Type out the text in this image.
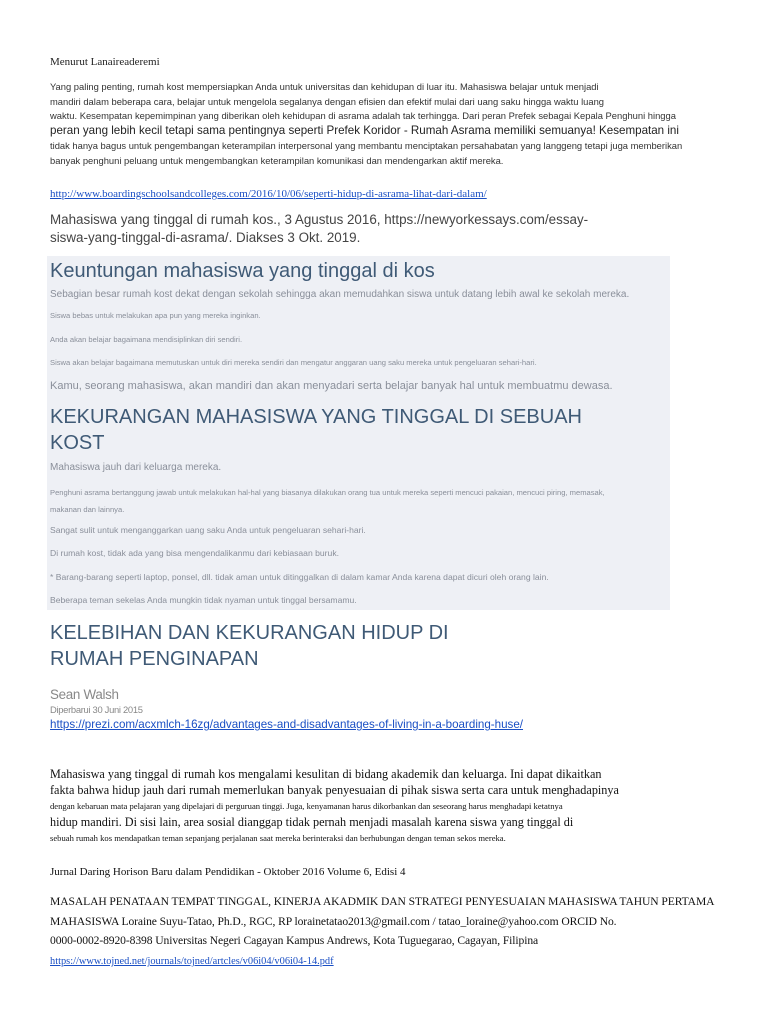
Menurut Lanaireaderemi
Yang paling penting, rumah kost mempersiapkan Anda untuk universitas dan kehidupan di luar itu. Mahasiswa belajar untuk menjadi
mandiri dalam beberapa cara, belajar untuk mengelola segalanya dengan efisien dan efektif mulai dari uang saku hingga waktu luang
waktu. Kesempatan kepemimpinan yang diberikan oleh kehidupan di asrama adalah tak terhingga. Dari peran Prefek sebagai Kepala Penghuni hingga
peran yang lebih kecil tetapi sama pentingnya seperti Prefek Koridor - Rumah Asrama memiliki semuanya! Kesempatan ini
tidak hanya bagus untuk pengembangan keterampilan interpersonal yang membantu menciptakan persahabatan yang langgeng tetapi juga memberikan
banyak penghuni peluang untuk mengembangkan keterampilan komunikasi dan mendengarkan aktif mereka.
http://www.boardingschoolsandcolleges.com/2016/10/06/seperti-hidup-di-asrama-lihat-dari-dalam/
Mahasiswa yang tinggal di rumah kos., 3 Agustus 2016, https://newyorkessays.com/essay-
siswa-yang-tinggal-di-asrama/. Diakses 3 Okt. 2019.
Keuntungan mahasiswa yang tinggal di kos
Sebagian besar rumah kost dekat dengan sekolah sehingga akan memudahkan siswa untuk datang lebih awal ke sekolah mereka.
Siswa bebas untuk melakukan apa pun yang mereka inginkan.
Anda akan belajar bagaimana mendisiplinkan diri sendiri.
Siswa akan belajar bagaimana memutuskan untuk diri mereka sendiri dan mengatur anggaran uang saku mereka untuk pengeluaran sehari-hari.
Kamu, seorang mahasiswa, akan mandiri dan akan menyadari serta belajar banyak hal untuk membuatmu dewasa.
KEKURANGAN MAHASISWA YANG TINGGAL DI SEBUAH
KOST
Mahasiswa jauh dari keluarga mereka.
Penghuni asrama bertanggung jawab untuk melakukan hal-hal yang biasanya dilakukan orang tua untuk mereka seperti mencuci pakaian, mencuci piring, memasak,
makanan dan lainnya.
Sangat sulit untuk menganggarkan uang saku Anda untuk pengeluaran sehari-hari.
Di rumah kost, tidak ada yang bisa mengendalikanmu dari kebiasaan buruk.
* Barang-barang seperti laptop, ponsel, dll. tidak aman untuk ditinggalkan di dalam kamar Anda karena dapat dicuri oleh orang lain.
Beberapa teman sekelas Anda mungkin tidak nyaman untuk tinggal bersamamu.
KELEBIHAN DAN KEKURANGAN HIDUP DI
RUMAH PENGINAPAN
Sean Walsh
Diperbarui 30 Juni 2015
https://prezi.com/acxmlch-16zg/advantages-and-disadvantages-of-living-in-a-boarding-huse/
Mahasiswa yang tinggal di rumah kos mengalami kesulitan di bidang akademik dan keluarga. Ini dapat dikaitkan
fakta bahwa hidup jauh dari rumah memerlukan banyak penyesuaian di pihak siswa serta cara untuk menghadapinya
dengan kebaruan mata pelajaran yang dipelajari di perguruan tinggi. Juga, kenyamanan harus dikorbankan dan seseorang harus menghadapi ketatnya
hidup mandiri. Di sisi lain, area sosial dianggap tidak pernah menjadi masalah karena siswa yang tinggal di
sebuah rumah kos mendapatkan teman sepanjang perjalanan saat mereka berinteraksi dan berhubungan dengan teman sekos mereka.
Jurnal Daring Horison Baru dalam Pendidikan - Oktober 2016 Volume 6, Edisi 4
MASALAH PENATAAN TEMPAT TINGGAL, KINERJA AKADMIK DAN STRATEGI PENYESUAIAN MAHASISWA TAHUN PERTAMA
MAHASISWA Loraine Suyu-Tatao, Ph.D., RGC, RP lorainetatao2013@gmail.com / tatao_loraine@yahoo.com ORCID No.
0000-0002-8920-8398 Universitas Negeri Cagayan Kampus Andrews, Kota Tuguegarao, Cagayan, Filipina
https://www.tojned.net/journals/tojned/artcles/v06i04/v06i04-14.pdf
